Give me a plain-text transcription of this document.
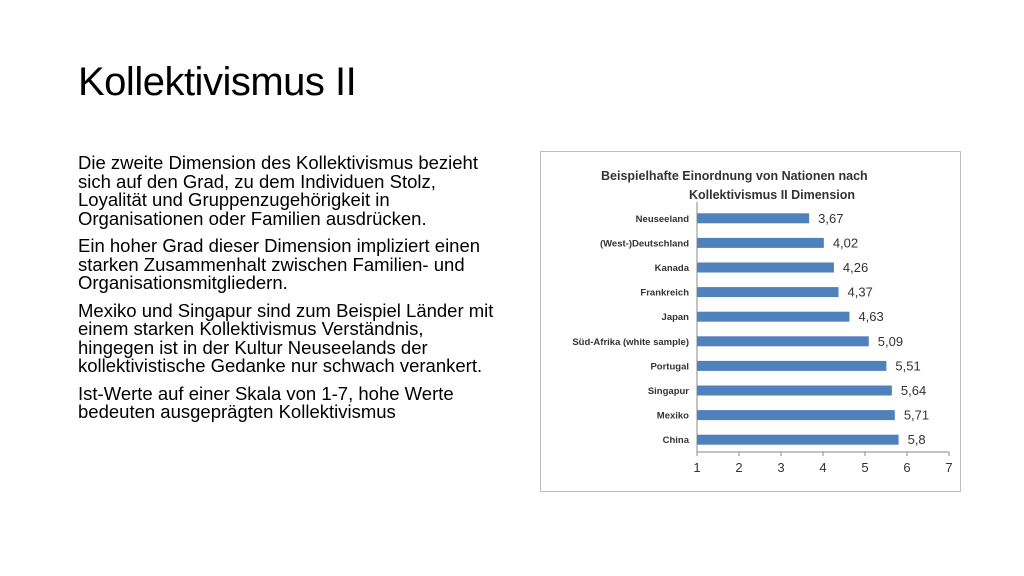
Kollektivismus II

Die zweite Dimension des Kollektivismus bezieht sich auf den Grad, zu dem Individuen Stolz, Loyalität und Gruppenzugehörigkeit in Organisationen oder Familien ausdrücken.

Ein hoher Grad dieser Dimension impliziert einen starken Zusammenhalt zwischen Familien- und Organisationsmitgliedern.

Mexiko und Singapur sind zum Beispiel Länder mit einem starken Kollektivismus Verständnis, hingegen ist in der Kultur Neuseelands der kollektivistische Gedanke nur schwach verankert.

Ist-Werte auf einer Skala von 1-7, hohe Werte bedeuten ausgeprägten Kollektivismus

Beispielhafte Einordnung von Nationen nach
Kollektivismus II Dimension
Neuseeland	3,67
(West-)Deutschland	4,02
Kanada	4,26
Frankreich	4,37
Japan	4,63
Süd-Afrika (white sample)	5,09
Portugal	5,51
Singapur	5,64
Mexiko	5,71
China	5,8
1	2	3	4	5	6	7
